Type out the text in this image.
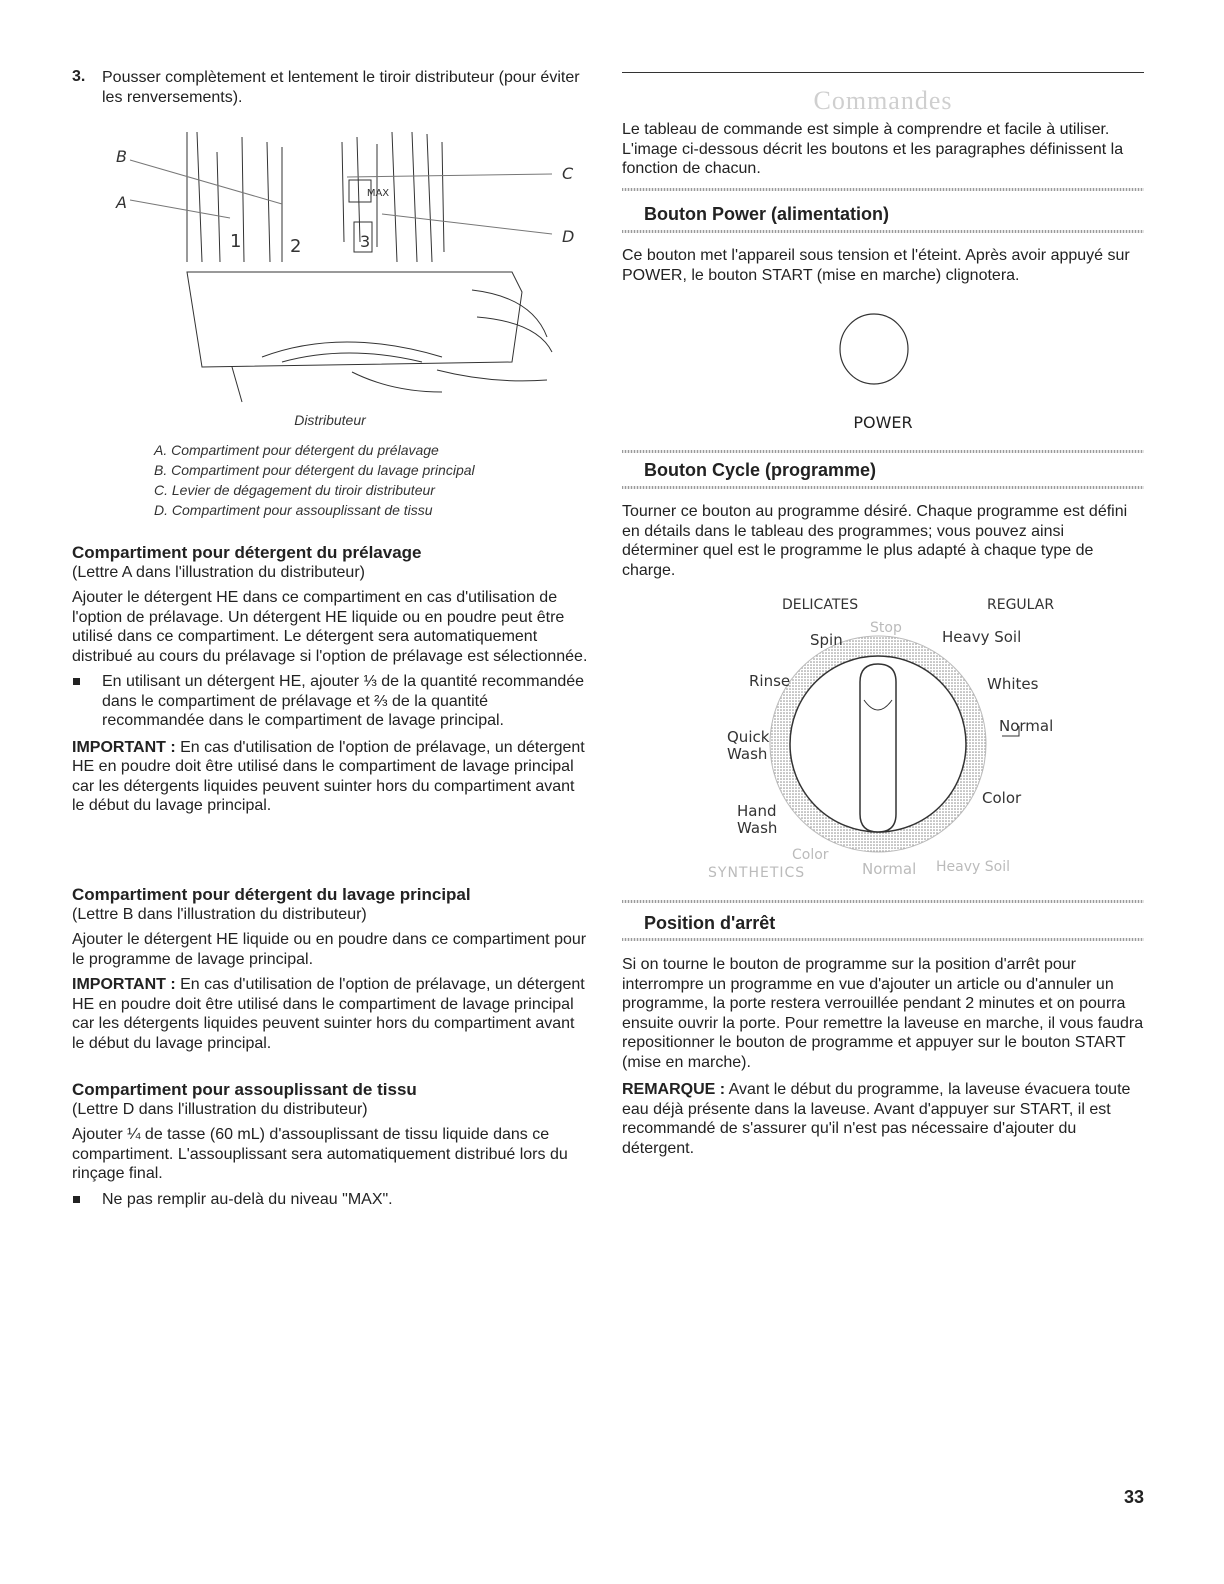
3.	Pousser complètement et lentement le tiroir distributeur (pour éviter les renversements).

MAX
1	2	3
B
A
C
D
Distributeur
A. Compartiment pour détergent du prélavage
B. Compartiment pour détergent du lavage principal
C. Levier de dégagement du tiroir distributeur
D. Compartiment pour assouplissant de tissu
Compartiment pour détergent du prélavage

(Lettre A dans l'illustration du distributeur)

Ajouter le détergent HE dans ce compartiment en cas d'utilisation de l'option de prélavage. Un détergent HE liquide ou en poudre peut être utilisé dans ce compartiment. Le détergent sera automatiquement distribué au cours du prélavage si l'option de prélavage est sélectionnée.

En utilisant un détergent HE, ajouter ⅓ de la quantité recommandée dans le compartiment de prélavage et ⅔ de la quantité recommandée dans le compartiment de lavage principal.

IMPORTANT : En cas d'utilisation de l'option de prélavage, un détergent HE en poudre doit être utilisé dans le compartiment de lavage principal car les détergents liquides peuvent suinter hors du compartiment avant le début du lavage principal.

Compartiment pour détergent du lavage principal

(Lettre B dans l'illustration du distributeur)

Ajouter le détergent HE liquide ou en poudre dans ce compartiment pour le programme de lavage principal.

IMPORTANT : En cas d'utilisation de l'option de prélavage, un détergent HE en poudre doit être utilisé dans le compartiment de lavage principal car les détergents liquides peuvent suinter hors du compartiment avant le début du lavage principal.

Compartiment pour assouplissant de tissu

(Lettre D dans l'illustration du distributeur)

Ajouter ¼ de tasse (60 mL) d'assouplissant de tissu liquide dans ce compartiment. L'assouplissant sera automatiquement distribué lors du rinçage final.

Ne pas remplir au-delà du niveau "MAX".

Commandes

Le tableau de commande est simple à comprendre et facile à utiliser. L'image ci-dessous décrit les boutons et les paragraphes définissent la fonction de chacun.

Bouton Power (alimentation)

Ce bouton met l'appareil sous tension et l'éteint. Après avoir appuyé sur POWER, le bouton START (mise en marche) clignotera.

POWER
Bouton Cycle (programme)

Tourner ce bouton au programme désiré. Chaque programme est défini en détails dans le tableau des programmes; vous pouvez ainsi déterminer quel est le programme le plus adapté à chaque type de charge.

DELICATES	REGULAR
Stop
Spin	Heavy Soil
Rinse	Whites
Quick
Wash
Normal
Hand
Wash
Color
Color
SYNTHETICS	Normal Heavy Soil
Position d'arrêt

Si on tourne le bouton de programme sur la position d'arrêt pour interrompre un programme en vue d'ajouter un article ou d'annuler un programme, la porte restera verrouillée pendant 2 minutes et on pourra ensuite ouvrir la porte. Pour remettre la laveuse en marche, il vous faudra repositionner le bouton de programme et appuyer sur le bouton START (mise en marche).

REMARQUE : Avant le début du programme, la laveuse évacuera toute eau déjà présente dans la laveuse. Avant d'appuyer sur START, il est recommandé de s'assurer qu'il n'est pas nécessaire d'ajouter du détergent.

33
